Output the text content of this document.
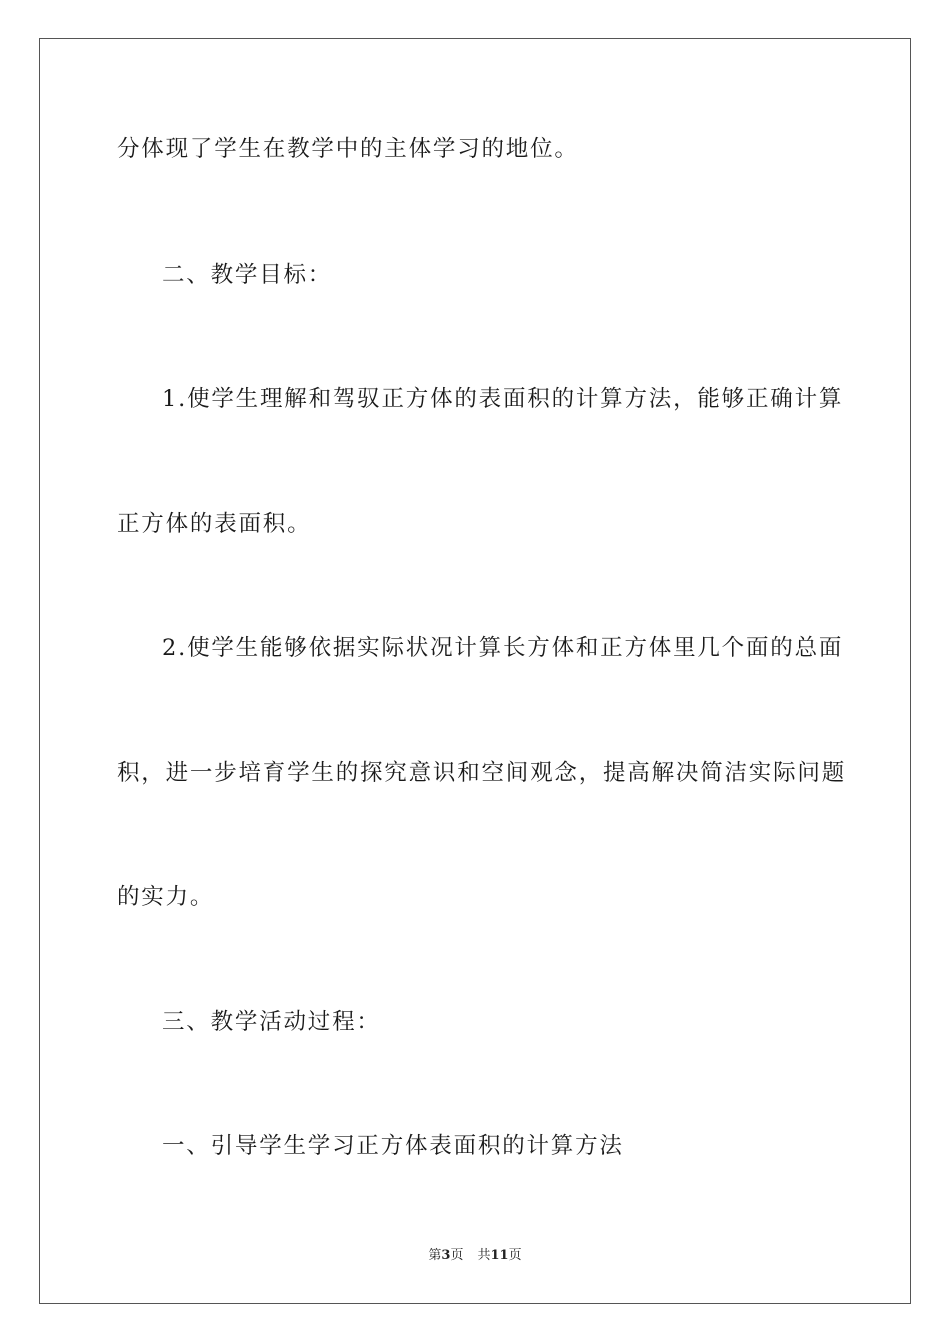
分体现了学生在教学中的主体学习的地位。
二、教学目标：
1.使学生理解和驾驭正方体的表面积的计算方法，能够正确计算
正方体的表面积。
2.使学生能够依据实际状况计算长方体和正方体里几个面的总面
积，进一步培育学生的探究意识和空间观念，提高解决简洁实际问题
的实力。
三、教学活动过程：
一、引导学生学习正方体表面积的计算方法
第3页 共11页
